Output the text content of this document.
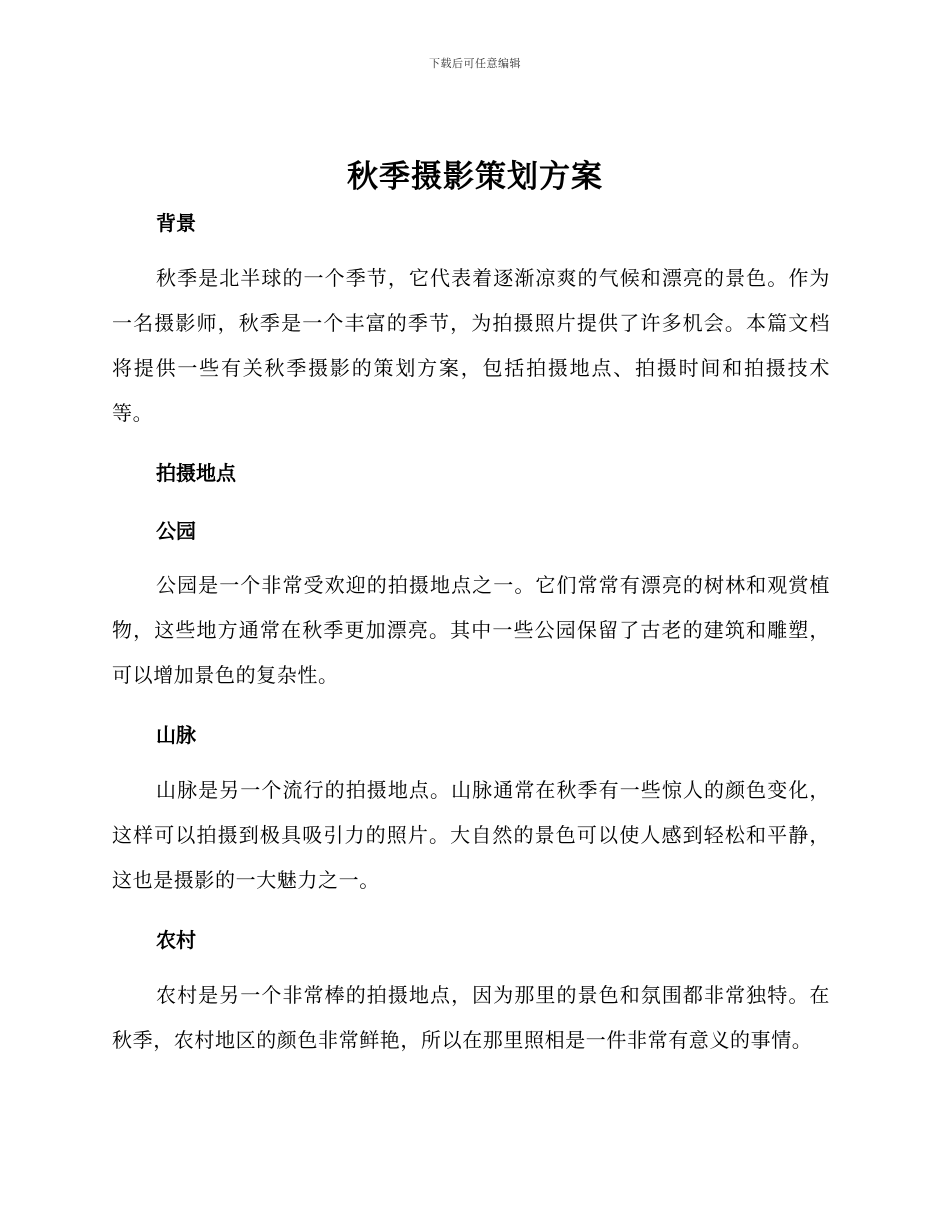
下载后可任意编辑
秋季摄影策划方案
背景

秋季是北半球的一个季节，它代表着逐渐凉爽的气候和漂亮的景色。作为一名摄影师，秋季是一个丰富的季节，为拍摄照片提供了许多机会。本篇文档将提供一些有关秋季摄影的策划方案，包括拍摄地点、拍摄时间和拍摄技术等。

拍摄地点
公园

公园是一个非常受欢迎的拍摄地点之一。它们常常有漂亮的树林和观赏植物，这些地方通常在秋季更加漂亮。其中一些公园保留了古老的建筑和雕塑，可以增加景色的复杂性。

山脉

山脉是另一个流行的拍摄地点。山脉通常在秋季有一些惊人的颜色变化，这样可以拍摄到极具吸引力的照片。大自然的景色可以使人感到轻松和平静，这也是摄影的一大魅力之一。

农村

农村是另一个非常棒的拍摄地点，因为那里的景色和氛围都非常独特。在秋季，农村地区的颜色非常鲜艳，所以在那里照相是一件非常有意义的事情。
